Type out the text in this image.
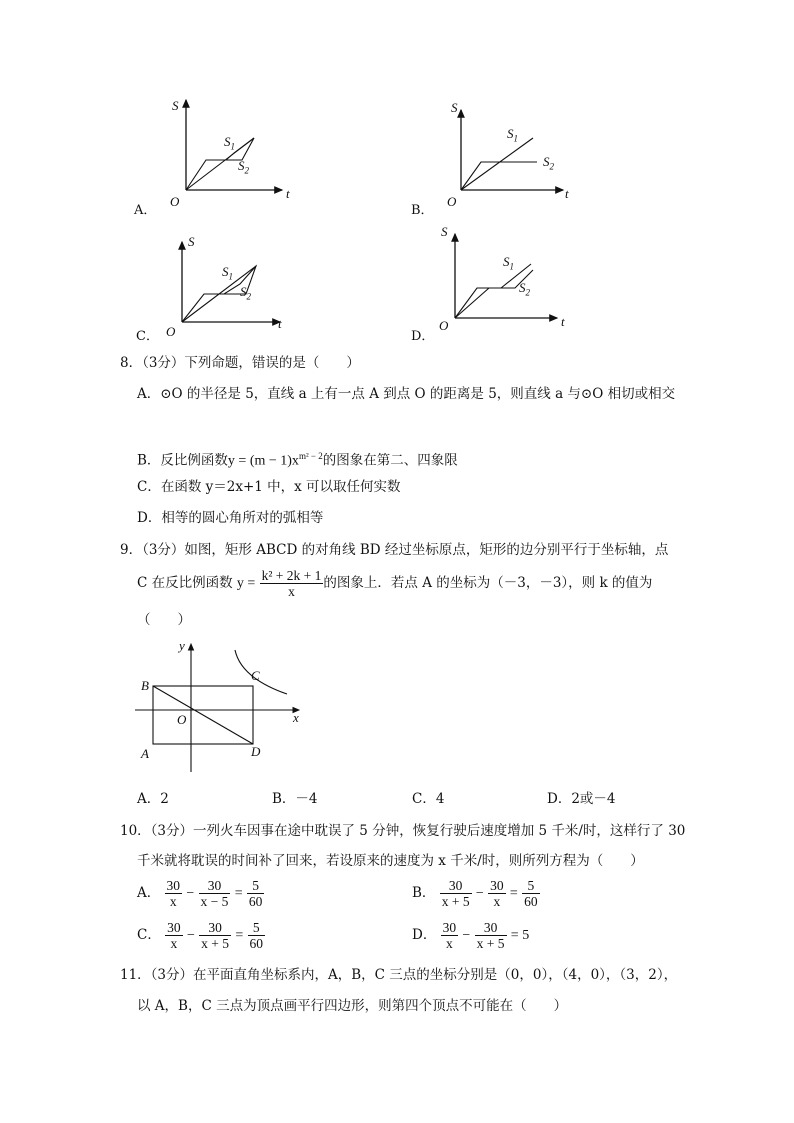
A．
S
t
O
$S_1$
$S_2$
B．
S
t
O
$S_1$
$S_2$
C．
S
t
O
$S_1$
$S_2$
D．
S
t
O
$S_1$
$S_2$
8．（3分）下列命题，错误的是（　　）
A．⊙O 的半径是 5，直线 a 上有一点 A 到点 O 的距离是 5，则直线 a 与⊙O 相切或相交
B．反比例函数$y = (m - 1)x^{m^2 - 2}$的图象在第二、四象限
C．在函数 y＝2x+1 中，x 可以取任何实数
D．相等的圆心角所对的弧相等
9．（3分）如图，矩形 ABCD 的对角线 BD 经过坐标原点，矩形的边分别平行于坐标轴，点
C 在反比例函数 $y = \frac{\text{k² + 2k + 1}}{x}$ 的图象上．若点 A 的坐标为（－3，－3），则 k 的值为
（　　）
y
x
O
B
C
A	D
A．2	B．－4	C．4	D．2或－4
10．（3分）一列火车因事在途中耽误了 5 分钟，恢复行驶后速度增加 5 千米/时，这样行了 30
千米就将耽误的时间补了回来，若设原来的速度为 x 千米/时，则所列方程为（　　）
A． $\frac{30}{x} - \frac{30}{x - 5} = \frac{5}{60}$	B． $\frac{30}{x + 5} - \frac{30}{x} = \frac{5}{60}$
C． $\frac{30}{x} - \frac{30}{x + 5} = \frac{5}{60}$	D． $\frac{30}{x} - \frac{30}{x + 5} = 5$
11．（3分）在平面直角坐标系内，A，B，C 三点的坐标分别是（0，0），（4，0），（3，2），
以 A，B，C 三点为顶点画平行四边形，则第四个顶点不可能在（　　）
